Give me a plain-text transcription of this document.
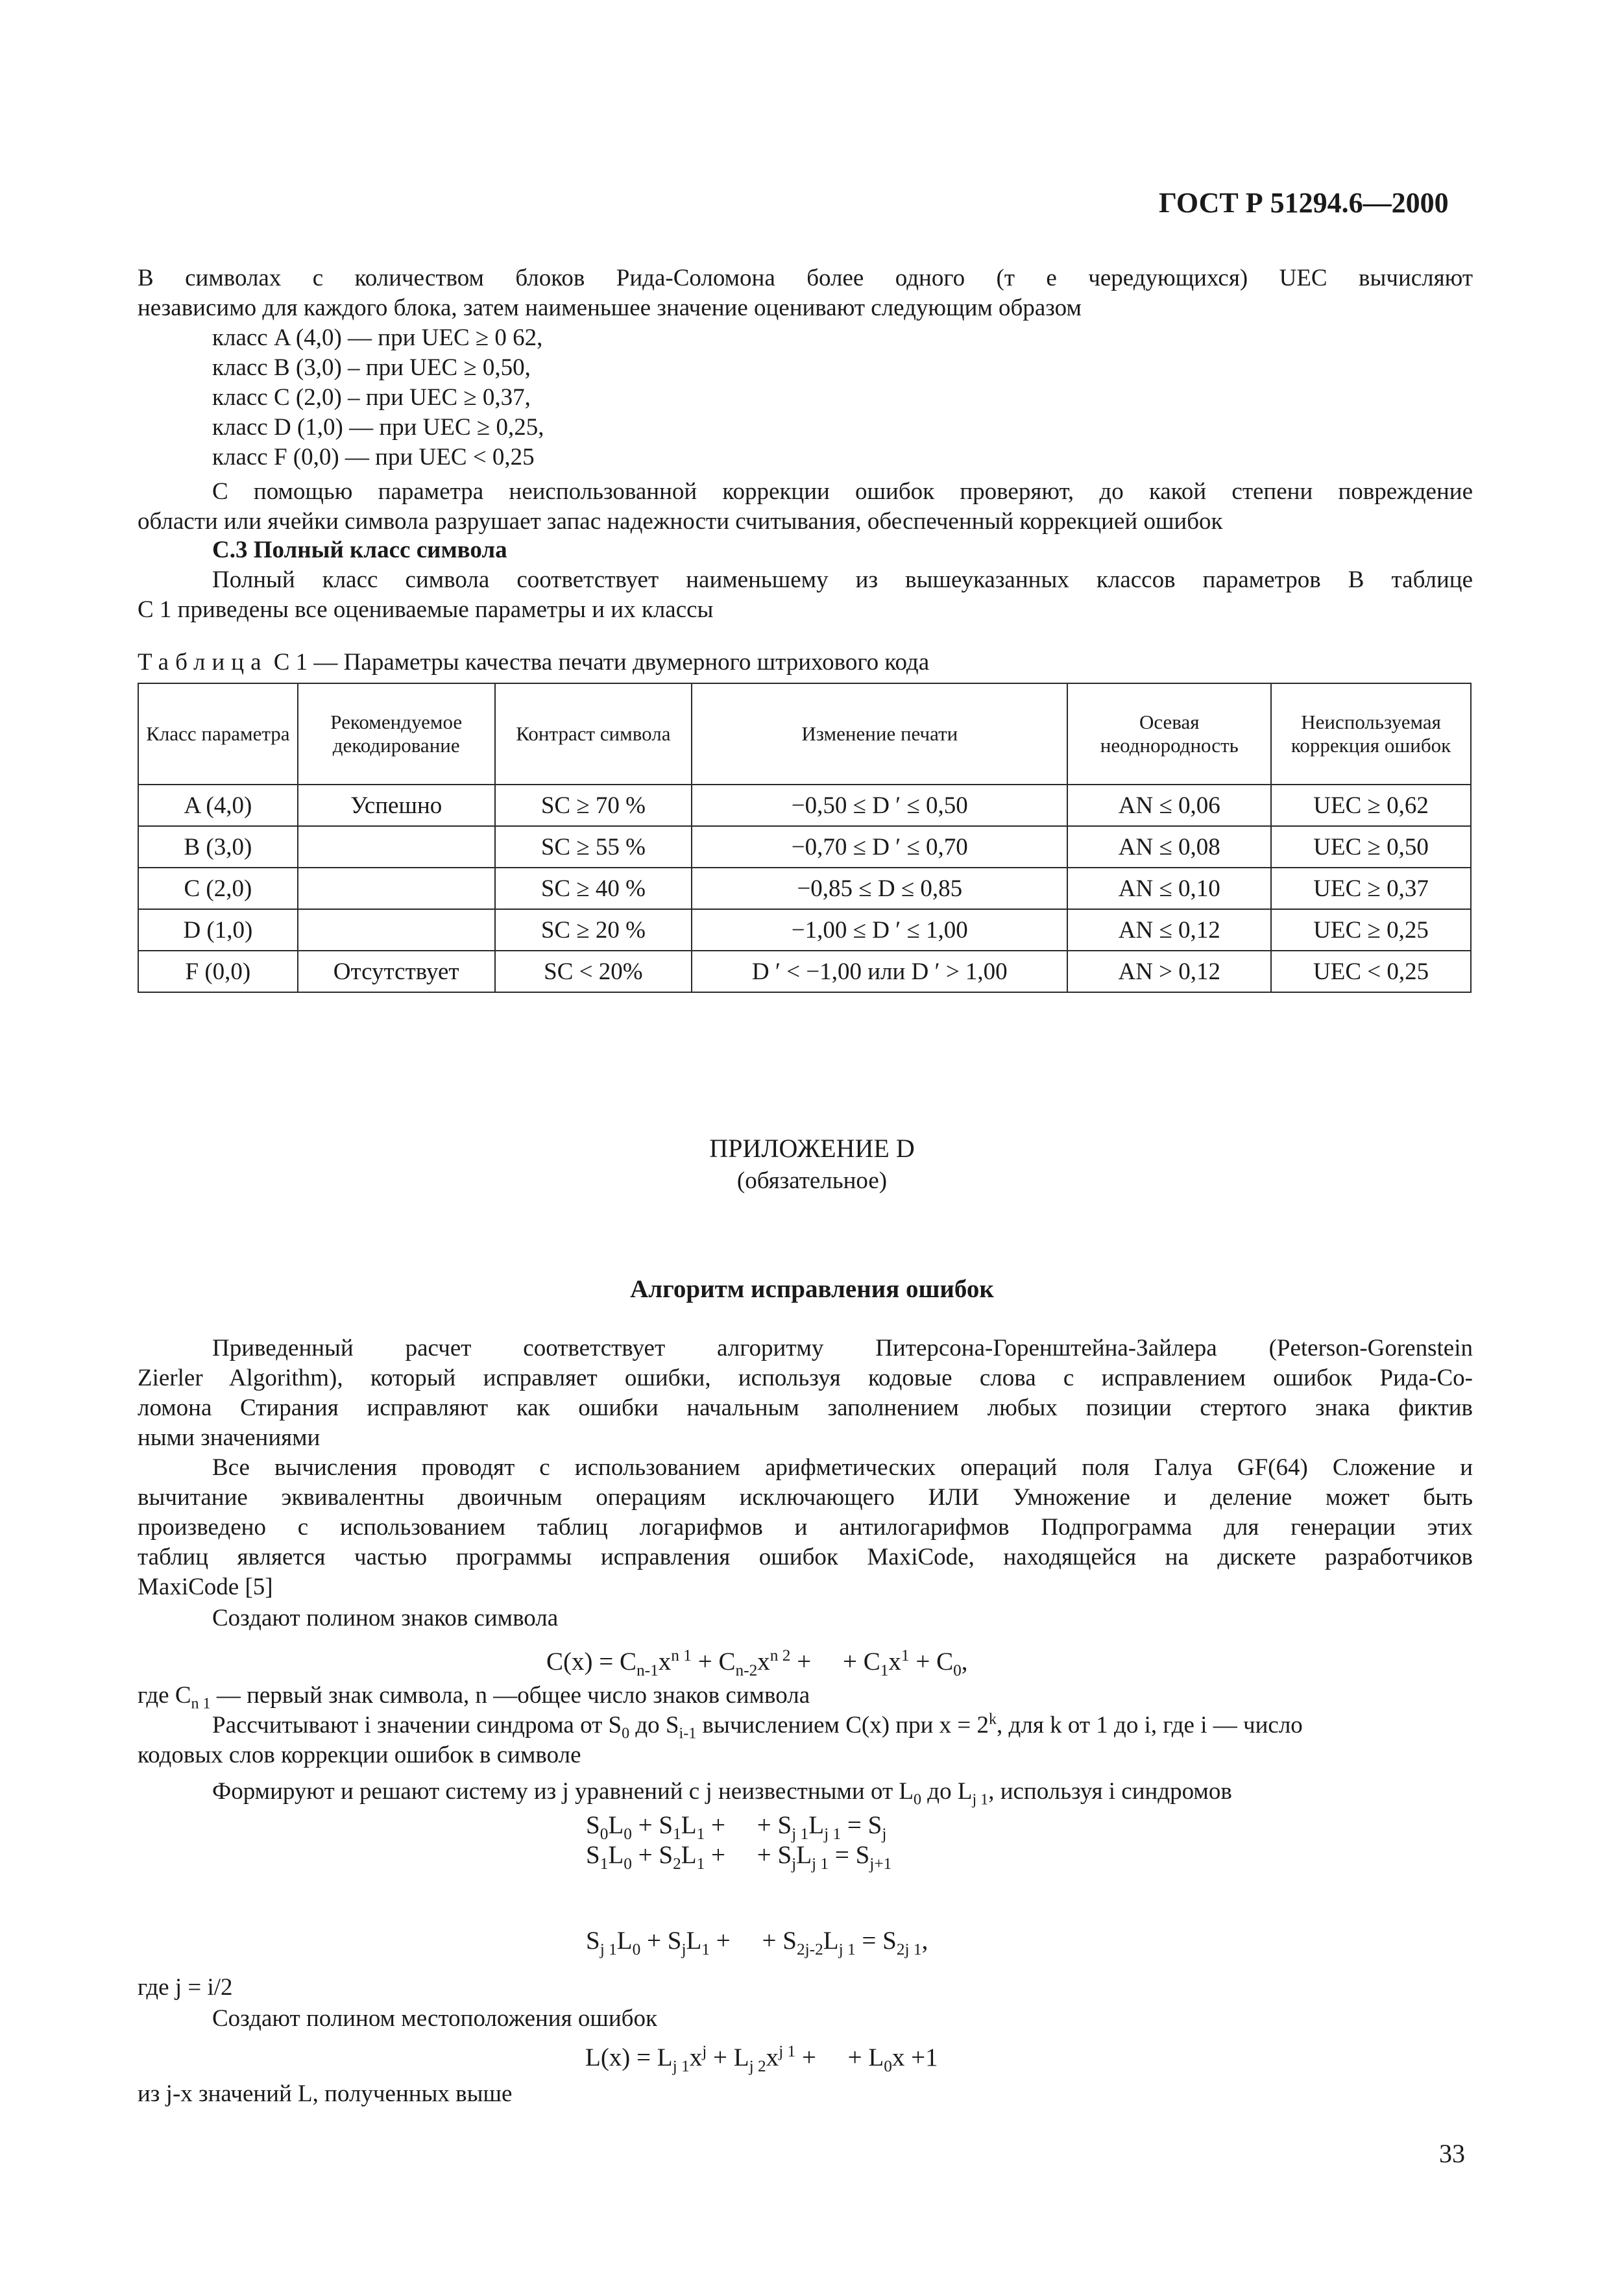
ГОСТ Р 51294.6—2000
В символах с количеством блоков Рида-Соломона более одного (т е чередующихся) UEC вычисляют
независимо для каждого блока, затем наименьшее значение оценивают следующим образом
класс A (4,0) — при UEC ≥ 0 62,
класс B (3,0) – при UEC ≥ 0,50,
класс C (2,0) – при UEC ≥ 0,37,
класс D (1,0) — при UEC ≥ 0,25,
класс F (0,0) — при UEC < 0,25
С помощью параметра неиспользованной коррекции ошибок проверяют, до какой степени повреждение
области или ячейки символа разрушает запас надежности считывания, обеспеченный коррекцией ошибок
С.3 Полный класс символа
Полный класс символа соответствует наименьшему из вышеуказанных классов параметров В таблице
С 1 приведены все оцениваемые параметры и их классы
Таблица С 1 — Параметры качества печати двумерного штрихового кода
Класс параметра	Рекомендуемое декодирование	Контраст символа	Изменение печати	Осевая неоднородность	Неиспользуемая коррекция ошибок
A (4,0)	Успешно	SC ≥ 70 %	−0,50 ≤ D ′ ≤ 0,50	AN ≤ 0,06	UEC ≥ 0,62
B (3,0)		SC ≥ 55 %	−0,70 ≤ D ′ ≤ 0,70	AN ≤ 0,08	UEC ≥ 0,50
C (2,0)		SC ≥ 40 %	−0,85 ≤ D ≤ 0,85	AN ≤ 0,10	UEC ≥ 0,37
D (1,0)		SC ≥ 20 %	−1,00 ≤ D ′ ≤ 1,00	AN ≤ 0,12	UEC ≥ 0,25
F (0,0)	Отсутствует	SC < 20%	D ′ < −1,00 или D ′ > 1,00	AN > 0,12	UEC < 0,25
ПРИЛОЖЕНИЕ D
(обязательное)
Алгоритм исправления ошибок
Приведенный расчет соответствует алгоритму Питерсона-Горенштейна-Зайлера (Peterson-Gorenstein
Zierler Algorithm), который исправляет ошибки, используя кодовые слова с исправлением ошибок Рида-Со-
ломона Стирания исправляют как ошибки начальным заполнением любых позиции стертого знака фиктив
ными значениями
Все вычисления проводят с использованием арифметических операций поля Галуа GF(64) Сложение и
вычитание эквивалентны двоичным операциям исключающего ИЛИ Умножение и деление может быть
произведено с использованием таблиц логарифмов и антилогарифмов Подпрограмма для генерации этих
таблиц является частью программы исправления ошибок MaxiCode, находящейся на дискете разработчиков
MaxiCode [5]
Создают полином знаков символа
$C(x) = C_{n-1}x^{n 1} + C_{n-2}x^{n 2}$ +     + $C_1x^1 + C_0$,
где $C_{n 1}$ — первый знак символа, n —общее число знаков символа
Рассчитывают i значении синдрома от $S_0$ до $S_{i-1}$ вычислением C(x) при $x = 2^k$, для k от 1 до i, где i — число
кодовых слов коррекции ошибок в символе
Формируют и решают систему из j уравнений с j неизвестными от $L_0$ до $L_{j 1}$, используя i синдромов
$S_0L_0 + S_1L_1$ +     + $S_{j 1}L_{j 1} = S_j$
$S_1L_0 + S_2L_1$ +     + $S_jL_{j 1} = S_{j+1}$
$S_{j 1}L_0 + S_jL_1$ +     + $S_{2j-2}L_{j 1} = S_{2j 1}$,
где j = i/2
Создают полином местоположения ошибок
$L(x) = L_{j 1}x^j + L_{j 2}x^{j 1}$ +     + $L_0x +1$
из j-х значений L, полученных выше
33
